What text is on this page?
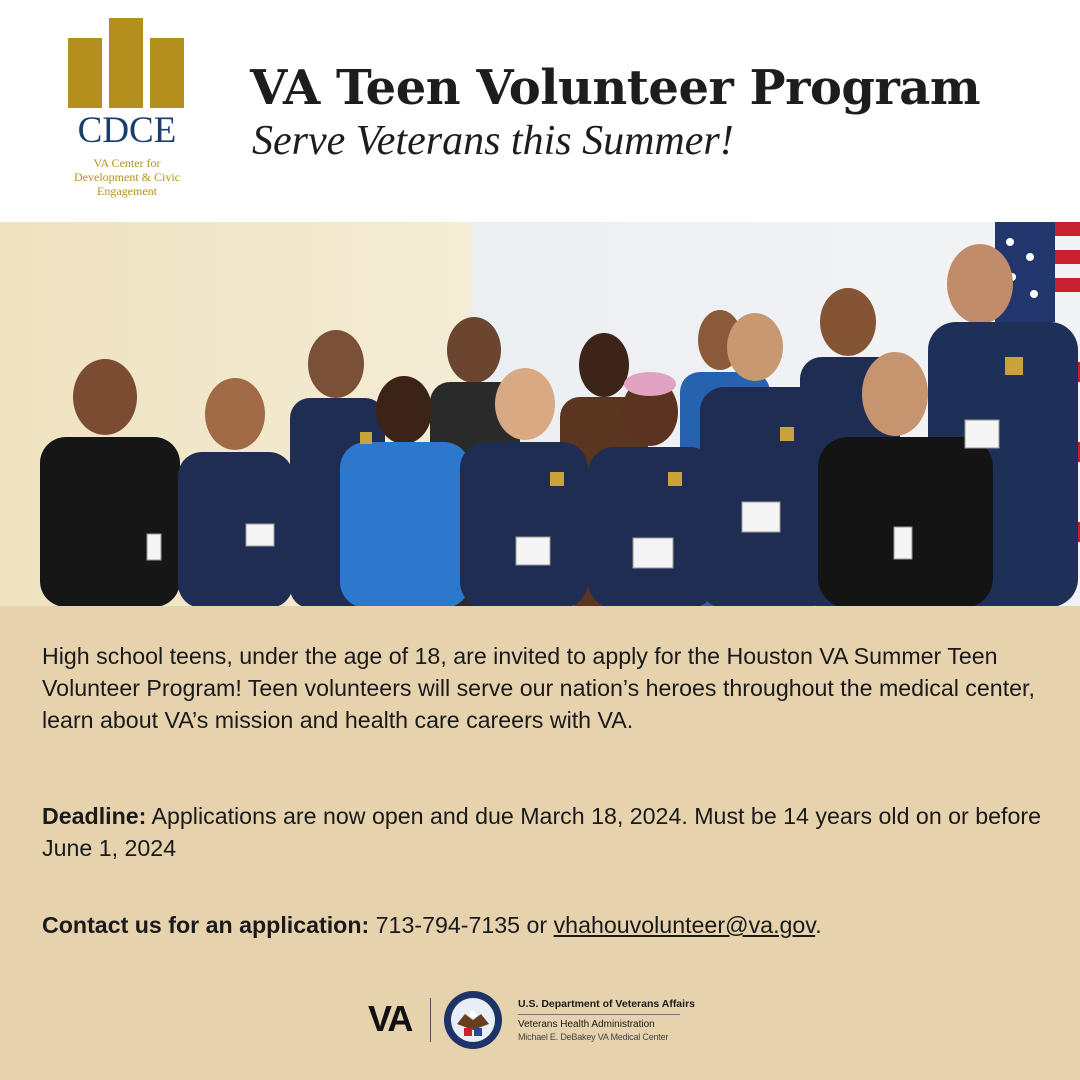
CDCE
VA Center for
Development & Civic
Engagement
VA Teen Volunteer Program
Serve Veterans this Summer!
High school teens, under the age of 18, are invited to apply for the Houston VA Summer Teen Volunteer Program! Teen volunteers will serve our nation’s heroes throughout the medical center, learn about VA’s mission and health care careers with VA.
Deadline: Applications are now open and due March 18, 2024. Must be 14 years old on or before June 1, 2024
Contact us for an application: 713-794-7135 or vhahouvolunteer@va.gov.
VA	U.S. Department of Veterans Affairs
Veterans Health Administration
Michael E. DeBakey VA Medical Center
